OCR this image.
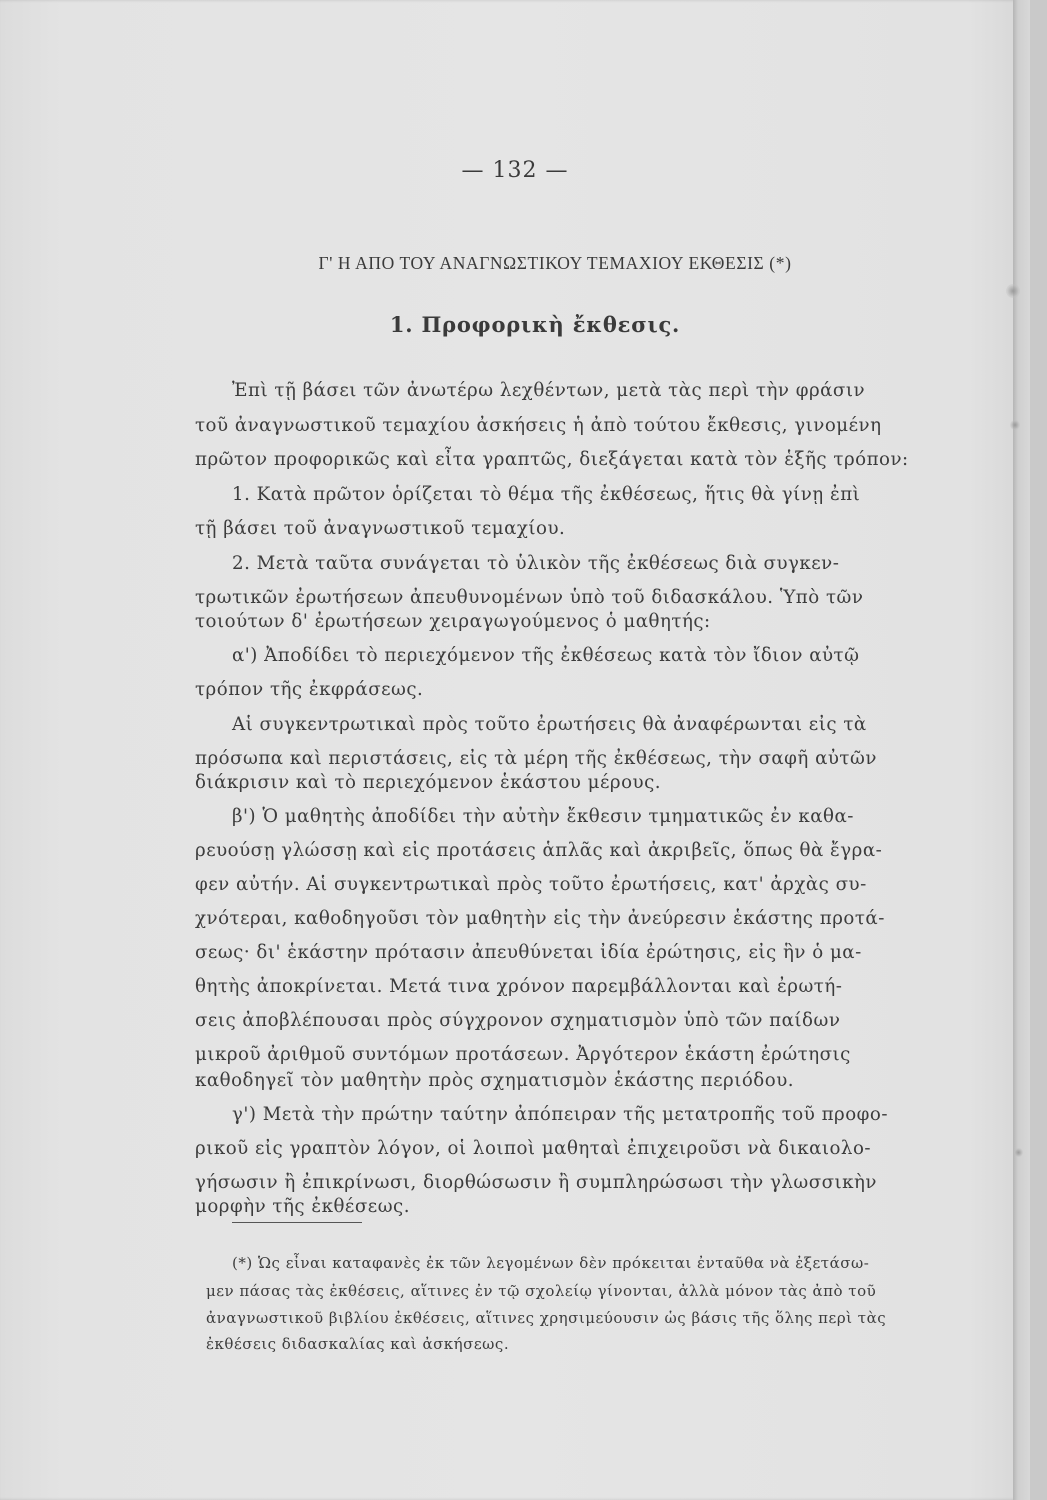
— 132 —
Γ' Η ΑΠΟ ΤΟΥ ΑΝΑΓΝΩΣΤΙΚΟΥ ΤΕΜΑΧΙΟΥ ΕΚΘΕΣΙΣ (*)
1. Προφορικὴ ἔκθεσις.
Ἐπὶ τῇ βάσει τῶν ἀνωτέρω λεχθέντων, μετὰ τὰς περὶ τὴν φράσιν
τοῦ ἀναγνωστικοῦ τεμαχίου ἀσκήσεις ἡ ἀπὸ τούτου ἔκθεσις, γινομένη
πρῶτον προφορικῶς καὶ εἶτα γραπτῶς, διεξάγεται κατὰ τὸν ἑξῆς τρόπον:
1. Κατὰ πρῶτον ὁρίζεται τὸ θέμα τῆς ἐκθέσεως, ἥτις θὰ γίνῃ ἐπὶ
τῇ βάσει τοῦ ἀναγνωστικοῦ τεμαχίου.
2. Μετὰ ταῦτα συνάγεται τὸ ὑλικὸν τῆς ἐκθέσεως διὰ συγκεν-
τρωτικῶν ἐρωτήσεων ἀπευθυνομένων ὑπὸ τοῦ διδασκάλου. Ὑπὸ τῶν
τοιούτων δ' ἐρωτήσεων χειραγωγούμενος ὁ μαθητής:
α') Ἀποδίδει τὸ περιεχόμενον τῆς ἐκθέσεως κατὰ τὸν ἴδιον αὐτῷ
τρόπον τῆς ἐκφράσεως.
Αἱ συγκεντρωτικαὶ πρὸς τοῦτο ἐρωτήσεις θὰ ἀναφέρωνται εἰς τὰ
πρόσωπα καὶ περιστάσεις, εἰς τὰ μέρη τῆς ἐκθέσεως, τὴν σαφῆ αὐτῶν
διάκρισιν καὶ τὸ περιεχόμενον ἑκάστου μέρους.
β') Ὁ μαθητὴς ἀποδίδει τὴν αὐτὴν ἔκθεσιν τμηματικῶς ἐν καθα-
ρευούσῃ γλώσσῃ καὶ εἰς προτάσεις ἁπλᾶς καὶ ἀκριβεῖς, ὅπως θὰ ἔγρα-
φεν αὐτήν. Αἱ συγκεντρωτικαὶ πρὸς τοῦτο ἐρωτήσεις, κατ' ἀρχὰς συ-
χνότεραι, καθοδηγοῦσι τὸν μαθητὴν εἰς τὴν ἀνεύρεσιν ἑκάστης προτά-
σεως· δι' ἑκάστην πρότασιν ἀπευθύνεται ἰδία ἐρώτησις, εἰς ἣν ὁ μα-
θητὴς ἀποκρίνεται. Μετά τινα χρόνον παρεμβάλλονται καὶ ἐρωτή-
σεις ἀποβλέπουσαι πρὸς σύγχρονον σχηματισμὸν ὑπὸ τῶν παίδων
μικροῦ ἀριθμοῦ συντόμων προτάσεων. Ἀργότερον ἑκάστη ἐρώτησις
καθοδηγεῖ τὸν μαθητὴν πρὸς σχηματισμὸν ἑκάστης περιόδου.
γ') Μετὰ τὴν πρώτην ταύτην ἀπόπειραν τῆς μετατροπῆς τοῦ προφο-
ρικοῦ εἰς γραπτὸν λόγον, οἱ λοιποὶ μαθηταὶ ἐπιχειροῦσι νὰ δικαιολο-
γήσωσιν ἢ ἐπικρίνωσι, διορθώσωσιν ἢ συμπληρώσωσι τὴν γλωσσικὴν
μορφὴν τῆς ἐκθέσεως.
(*) Ὡς εἶναι καταφανὲς ἐκ τῶν λεγομένων δὲν πρόκειται ἐνταῦθα νὰ ἐξετάσω-
μεν πάσας τὰς ἐκθέσεις, αἵτινες ἐν τῷ σχολείῳ γίνονται, ἀλλὰ μόνον τὰς ἀπὸ τοῦ
ἀναγνωστικοῦ βιβλίου ἐκθέσεις, αἵτινες χρησιμεύουσιν ὡς βάσις τῆς ὅλης περὶ τὰς
ἐκθέσεις διδασκαλίας καὶ ἀσκήσεως.
